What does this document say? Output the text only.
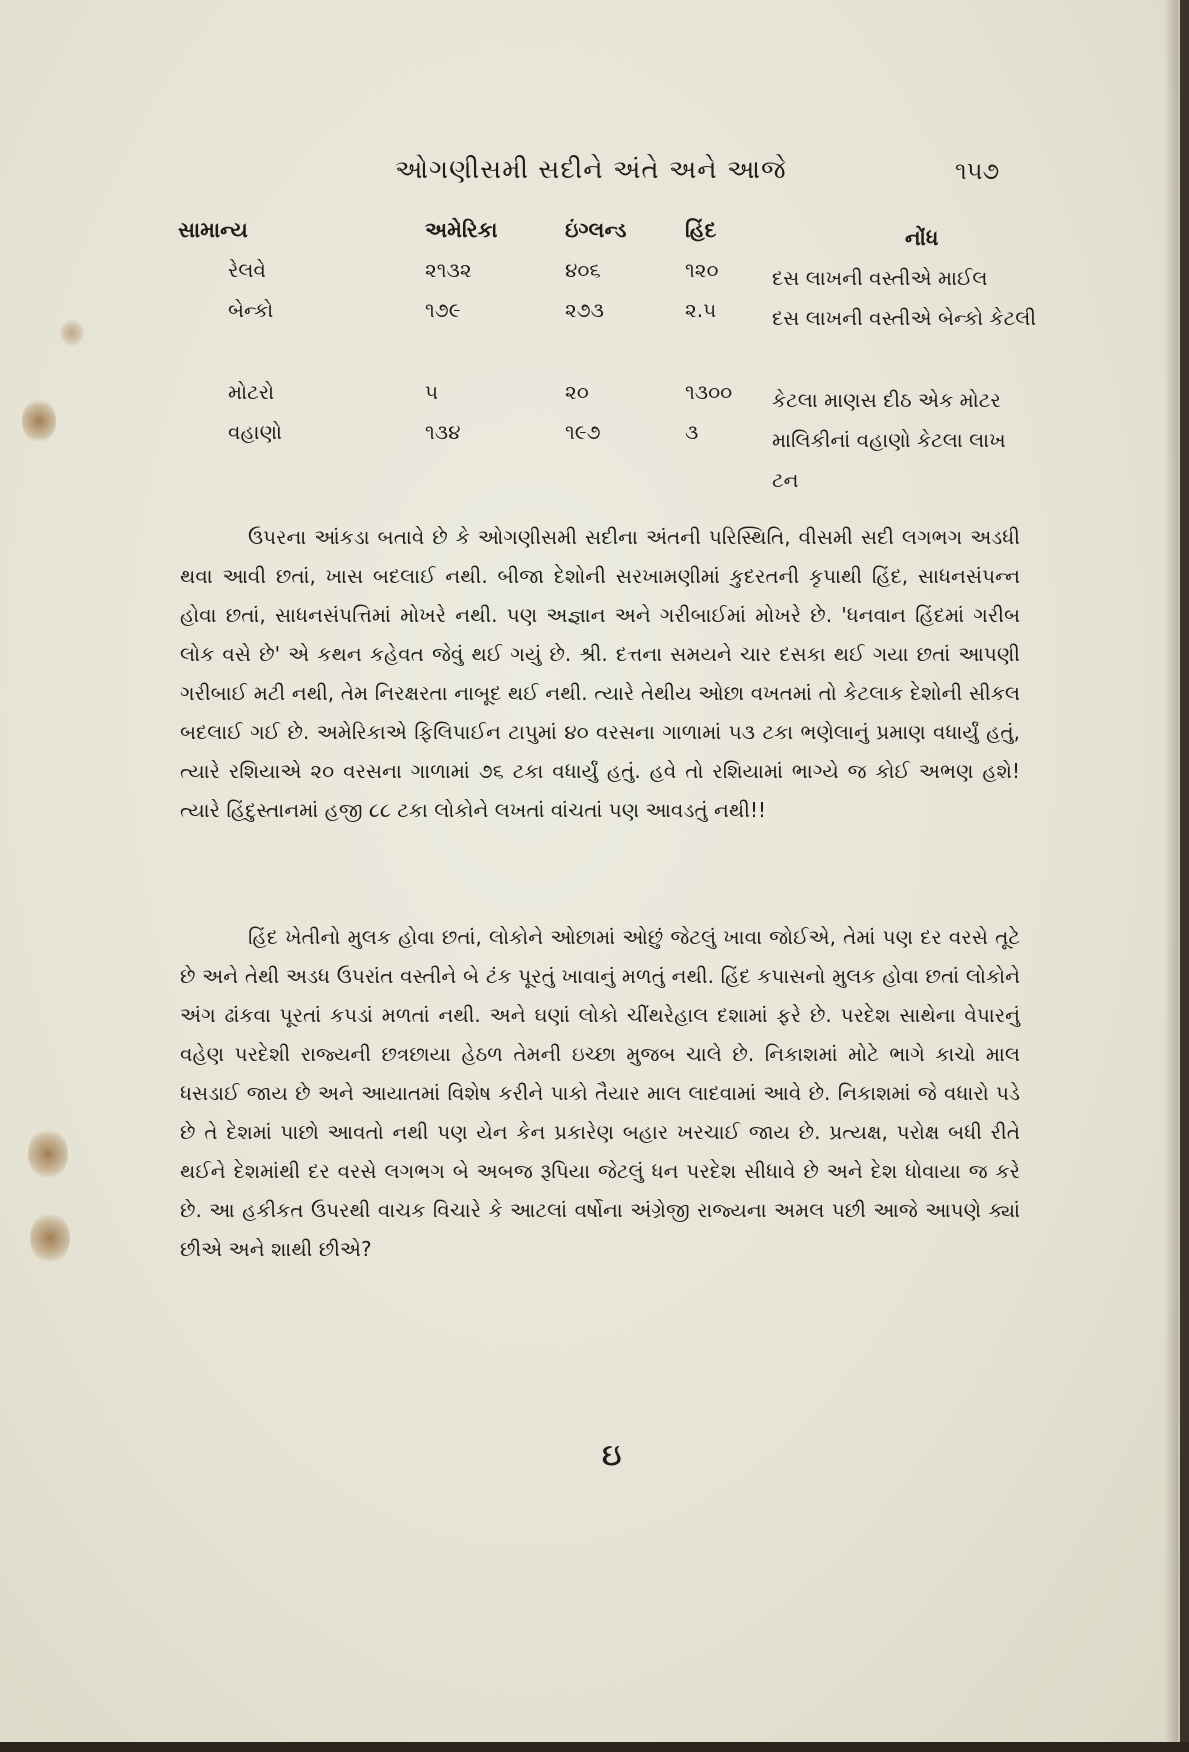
ઓગણીસમી સદીને અંતે અને આજે	૧૫૭
સામાન્ય	અમેરિકા	ઇંગ્લન્ડ	હિંદ	નોંધ
રેલવે	૨૧૩૨	૪૦૬	૧૨૦	દસ લાખની વસ્તીએ માઈલ
બેન્કો	૧૭૯	૨૭૩	૨.૫	દસ લાખની વસ્તીએ બેન્કો કેટલી
મોટરો	૫	૨૦	૧૩૦૦ કેટલા માણસ દીઠ એક મોટર
વહાણો	૧૩૪	૧૯૭	૩	માલિકીનાં વહાણો કેટલા લાખ ટન

ઉપરના આંકડા બતાવે છે કે ઓગણીસમી સદીના અંતની પરિસ્થિતિ, વીસમી સદી લગભગ અડધી થવા આવી છતાં, ખાસ બદલાઈ નથી. બીજા દેશોની સરખામણીમાં કુદરતની કૃપાથી હિંદ, સાધનસંપન્ન હોવા છતાં, સાધનસંપત્તિમાં મોખરે નથી. પણ અજ્ઞાન અને ગરીબાઈમાં મોખરે છે. 'ધનવાન હિંદમાં ગરીબ લોક વસે છે' એ કથન કહેવત જેવું થઈ ગયું છે. શ્રી. દત્તના સમયને ચાર દસકા થઈ ગયા છતાં આપણી ગરીબાઈ મટી નથી, તેમ નિરક્ષરતા નાબૂદ થઈ નથી. ત્યારે તેથીય ઓછા વખતમાં તો કેટલાક દેશોની સીકલ બદલાઈ ગઈ છે. અમેરિકાએ ફિલિપાઈન ટાપુમાં ૪૦ વરસના ગાળામાં ૫૩ ટકા ભણેલાનું પ્રમાણ વધાર્યું હતું, ત્યારે રશિયાએ ૨૦ વરસના ગાળામાં ૭૬ ટકા વધાર્યું હતું. હવે તો રશિયામાં ભાગ્યે જ કોઈ અભણ હશે! ત્યારે હિંદુસ્તાનમાં હજી ૮૮ ટકા લોકોને લખતાં વાંચતાં પણ આવડતું નથી!!

હિંદ ખેતીનો મુલક હોવા છતાં, લોકોને ઓછામાં ઓછું જેટલું ખાવા જોઈએ, તેમાં પણ દર વરસે તૂટે છે અને તેથી અડધ ઉપરાંત વસ્તીને બે ટંક પૂરતું ખાવાનું મળતું નથી. હિંદ કપાસનો મુલક હોવા છતાં લોકોને અંગ ઢાંકવા પૂરતાં કપડાં મળતાં નથી. અને ઘણાં લોકો ચીંથરેહાલ દશામાં ફરે છે. પરદેશ સાથેના વેપારનું વહેણ પરદેશી રાજ્યની છત્રછાયા હેઠળ તેમની ઇચ્છા મુજબ ચાલે છે. નિકાશમાં મોટે ભાગે કાચો માલ ધસડાઈ જાય છે અને આયાતમાં વિશેષ કરીને પાકો તૈયાર માલ લાદવામાં આવે છે. નિકાશમાં જે વધારો પડે છે તે દેશમાં પાછો આવતો નથી પણ યેન કેન પ્રકારેણ બહાર ખરચાઈ જાય છે. પ્રત્યક્ષ, પરોક્ષ બધી રીતે થઈને દેશમાંથી દર વરસે લગભગ બે અબજ રૂપિયા જેટલું ધન પરદેશ સીધાવે છે અને દેશ ધોવાયા જ કરે છે. આ હકીકત ઉપરથી વાચક વિચારે કે આટલાં વર્ષોના અંગ્રેજી રાજ્યના અમલ પછી આજે આપણે ક્યાં છીએ અને શાથી છીએ?

ઇ
